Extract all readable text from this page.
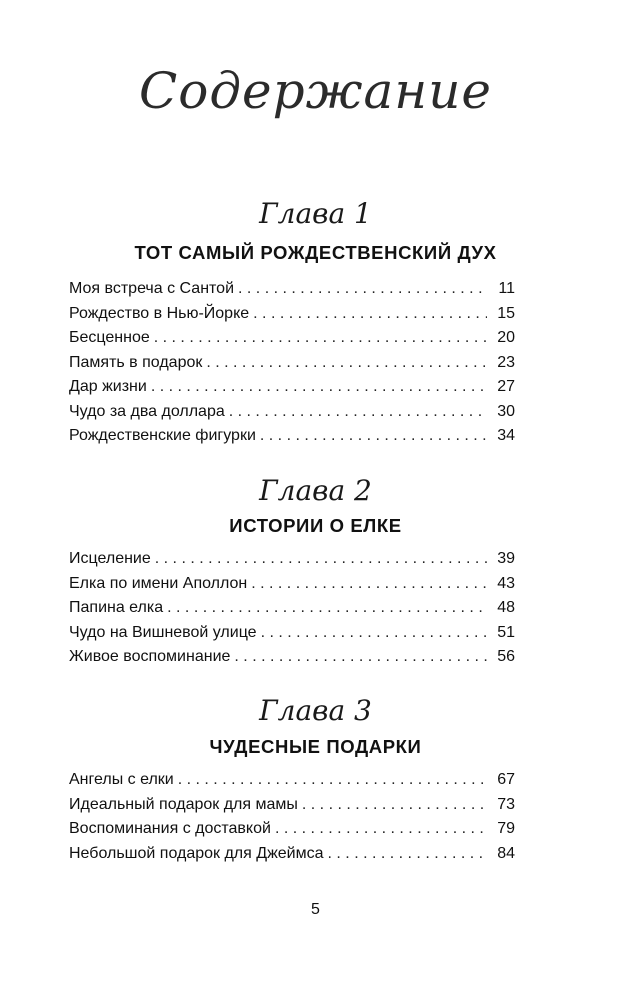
Содержание
Глава 1
ТОТ САМЫЙ РОЖДЕСТВЕНСКИЙ ДУХ
Моя встреча с Сантой . . .	11
Рождество в Нью-Йорке . . .	15
Бесценное . . .	20
Память в подарок . . .	23
Дар жизни . . .	27
Чудо за два доллара . . .	30
Рождественские фигурки . . .	34
Глава 2
ИСТОРИИ О ЕЛКЕ
Исцеление . . .	39
Елка по имени Аполлон . . .	43
Папина елка . . .	48
Чудо на Вишневой улице . . .	51
Живое воспоминание . . .	56
Глава 3
ЧУДЕСНЫЕ ПОДАРКИ
Ангелы с елки . . .	67
Идеальный подарок для мамы . . .	73
Воспоминания с доставкой . . .	79
Небольшой подарок для Джеймса . . .	84
5
